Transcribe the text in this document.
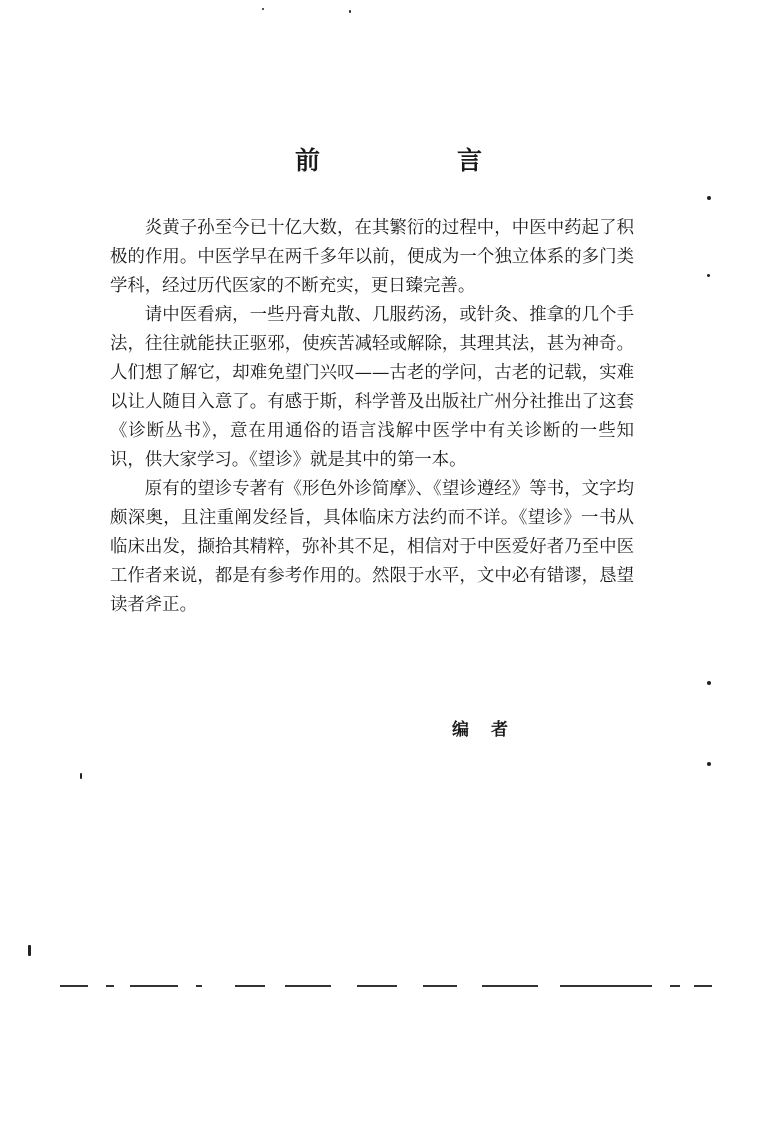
前　言

炎黄子孙至今已十亿大数，在其繁衍的过程中，中医中药起了积极的作用。中医学早在两千多年以前，便成为一个独立体系的多门类学科，经过历代医家的不断充实，更日臻完善。

请中医看病，一些丹膏丸散、几服药汤，或针灸、推拿的几个手法，往往就能扶正驱邪，使疾苦减轻或解除，其理其法，甚为神奇。人们想了解它，却难免望门兴叹——古老的学问，古老的记载，实难以让人随目入意了。有感于斯，科学普及出版社广州分社推出了这套《诊断丛书》，意在用通俗的语言浅解中医学中有关诊断的一些知识，供大家学习。《望诊》就是其中的第一本。

原有的望诊专著有《形色外诊简摩》、《望诊遵经》等书，文字均颇深奥，且注重阐发经旨，具体临床方法约而不详。《望诊》一书从临床出发，撷拾其精粹，弥补其不足，相信对于中医爱好者乃至中医工作者来说，都是有参考作用的。然限于水平，文中必有错谬，恳望读者斧正。

编者
